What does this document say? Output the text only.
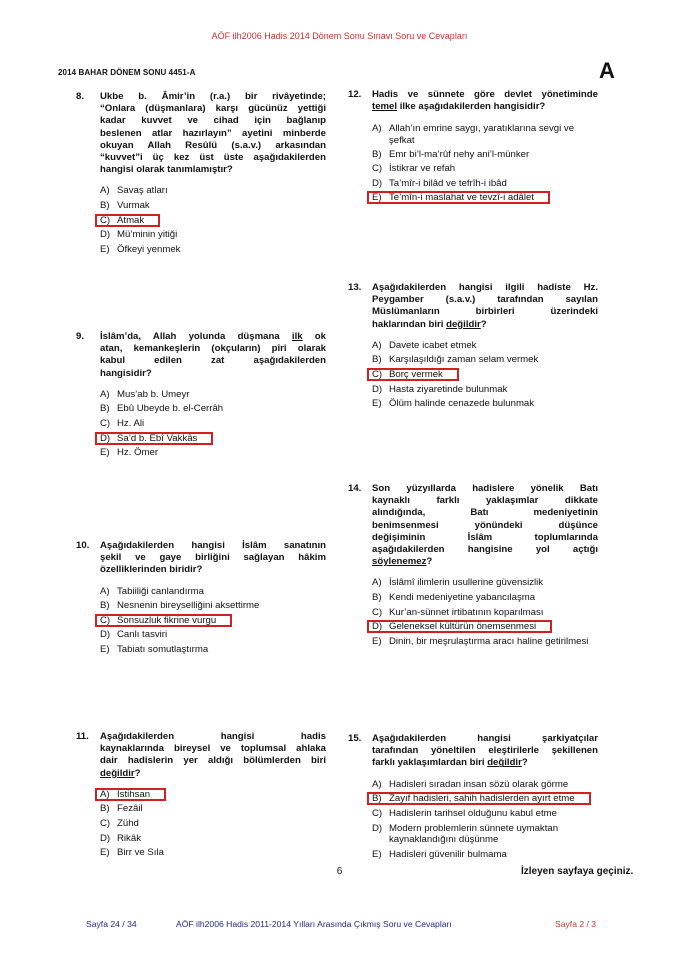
AÖF ilh2006 Hadis 2014 Dönem Sonu Sınavı Soru ve Cevapları
2014 BAHAR DÖNEM SONU 4451-A	A
8. Ukbe b. Âmir’in (r.a.) bir rivâyetinde;
“Onlara (düşmanlara) karşı gücünüz yettiği
kadar kuvvet ve cihad için bağlanıp
beslenen atlar hazırlayın” ayetini minberde
okuyan Allah Resûlü (s.a.v.) arkasından
“kuvvet”i üç kez üst üste aşağıdakilerden
hangisi olarak tanımlamıştır?
A) Savaş atları
B) Vurmak
C) Atmak
D) Mü’minin yitiği
E) Öfkeyi yenmek
9. İslâm’da, Allah yolunda düşmana ilk ok
atan, kemankeşlerin (okçuların) pîri olarak
kabul edilen zat aşağıdakilerden
hangisidir?
A) Mus’ab b. Umeyr
B) Ebû Ubeyde b. el-Cerrâh
C) Hz. Ali
D) Sa’d b. Ebî Vakkâs
E) Hz. Ömer
10. Aşağıdakilerden hangisi İslâm sanatının
şekil ve gaye birliğini sağlayan hâkim
özelliklerinden biridir?
A) Tabiiliği canlandırma
B) Nesnenin bireyselliğini aksettirme
C) Sonsuzluk fikrine vurgu
D) Canlı tasviri
E) Tabiatı somutlaştırma
11. Aşağıdakilerden hangisi hadis
kaynaklarında bireysel ve toplumsal ahlaka
dair hadislerin yer aldığı bölümlerden biri
değildir?
A) İstihsan
B) Fezâil
C) Zühd
D) Rikâk
E) Birr ve Sıla
12. Hadis ve sünnete göre devlet yönetiminde
temel ilke aşağıdakilerden hangisidir?
A) Allah’ın emrine saygı, yaratıklarına sevgi ve şefkat
B) Emr bi’l-ma’rûf nehy ani’l-münker
C) İstikrar ve refah
D) Ta’mîr-i bilâd ve tefrîh-i ibâd
E) Te’mîn-i maslahat ve tevzî-i adâlet
13. Aşağıdakilerden hangisi ilgili hadiste Hz.
Peygamber (s.a.v.) tarafından sayılan
Müslümanların birbirleri üzerindeki
haklarından biri değildir?
A) Davete icabet etmek
B) Karşılaşıldığı zaman selam vermek
C) Borç vermek
D) Hasta ziyaretinde bulunmak
E) Ölüm halinde cenazede bulunmak
14. Son yüzyıllarda hadislere yönelik Batı
kaynaklı farklı yaklaşımlar dikkate
alındığında, Batı medeniyetinin
benimsenmesi yönündeki düşünce
değişiminin İslâm toplumlarında
aşağıdakilerden hangisine yol açtığı
söylenemez?
A) İslâmî ilimlerin usullerine güvensizlik
B) Kendi medeniyetine yabancılaşma
C) Kur’an-sünnet irtibatının koparılması
D) Geleneksel kültürün önemsenmesi
E) Dinin, bir meşrulaştırma aracı haline getirilmesi
15. Aşağıdakilerden hangisi şarkiyatçılar
tarafından yöneltilen eleştirilerle şekillenen
farklı yaklaşımlardan biri değildir?
A) Hadisleri sıradan insan sözü olarak görme
B) Zayıf hadisleri, sahih hadislerden ayırt etme
C) Hadislerin tarihsel olduğunu kabul etme
D) Modern problemlerin sünnete uymaktan kaynaklandığını düşünme
E) Hadisleri güvenilir bulmama
6	İzleyen sayfaya geçiniz.
Sayfa 24 / 34	AÖF ilh2006 Hadis 2011-2014 Yılları Arasında Çıkmış Soru ve Cevapları	Sayfa 2 / 3
